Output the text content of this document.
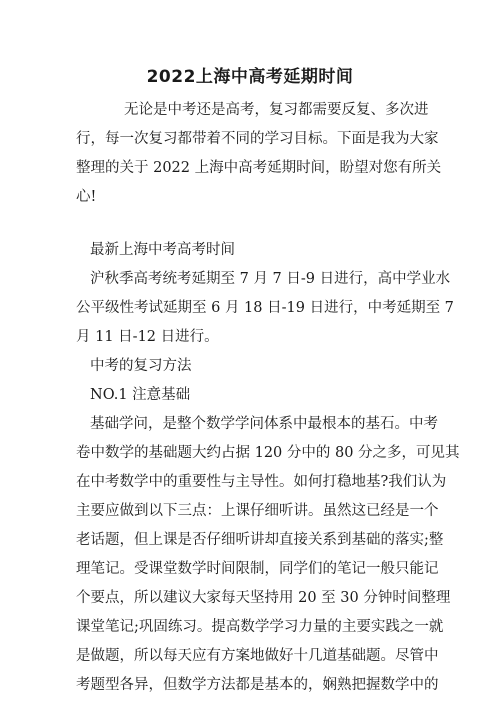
2022上海中高考延期时间
无论是中考还是高考，复习都需要反复、多次进
行，每一次复习都带着不同的学习目标。下面是我为大家
整理的关于 2022 上海中高考延期时间，盼望对您有所关
心!
最新上海中考高考时间
沪秋季高考统考延期至 7 月 7 日-9 日进行，高中学业水
公平级性考试延期至 6 月 18 日-19 日进行，中考延期至 7
月 11 日-12 日进行。
中考的复习方法
NO.1 注意基础
基础学问，是整个数学学问体系中最根本的基石。中考
卷中数学的基础题大约占据 120 分中的 80 分之多，可见其
在中考数学中的重要性与主导性。如何打稳地基?我们认为
主要应做到以下三点：上课仔细听讲。虽然这已经是一个
老话题，但上课是否仔细听讲却直接关系到基础的落实;整
理笔记。受课堂数学时间限制，同学们的笔记一般只能记
个要点，所以建议大家每天坚持用 20 至 30 分钟时间整理
课堂笔记;巩固练习。提高数学学习力量的主要实践之一就
是做题，所以每天应有方案地做好十几道基础题。尽管中
考题型各异，但数学方法都是基本的，娴熟把握数学中的
